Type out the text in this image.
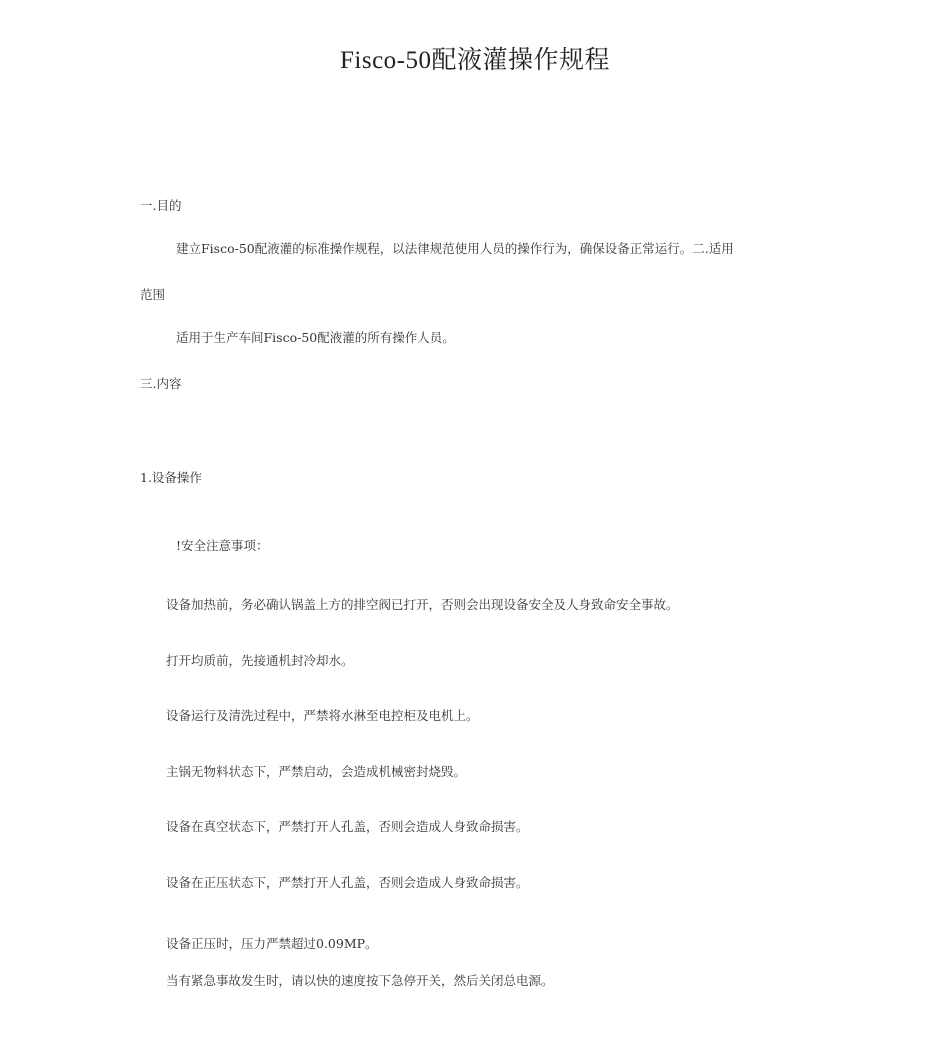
Fisco-50配液灌操作规程
一.目的
建立Fisco-50配液灌的标准操作规程，以法律规范使用人员的操作行为，确保设备正常运行。二.适用
范围
适用于生产车间Fisco-50配液灌的所有操作人员。
三.内容
1.设备操作
!安全注意事项：
设备加热前，务必确认锅盖上方的排空阀已打开，否则会出现设备安全及人身致命安全事故。
打开均质前，先接通机封冷却水。
设备运行及清洗过程中，严禁将水淋至电控柜及电机上。
主锅无物料状态下，严禁启动，会造成机械密封烧毁。
设备在真空状态下，严禁打开人孔盖，否则会造成人身致命损害。
设备在正压状态下，严禁打开人孔盖，否则会造成人身致命损害。
设备正压时，压力严禁超过0.09MP。
当有紧急事故发生时，请以快的速度按下急停开关，然后关闭总电源。
